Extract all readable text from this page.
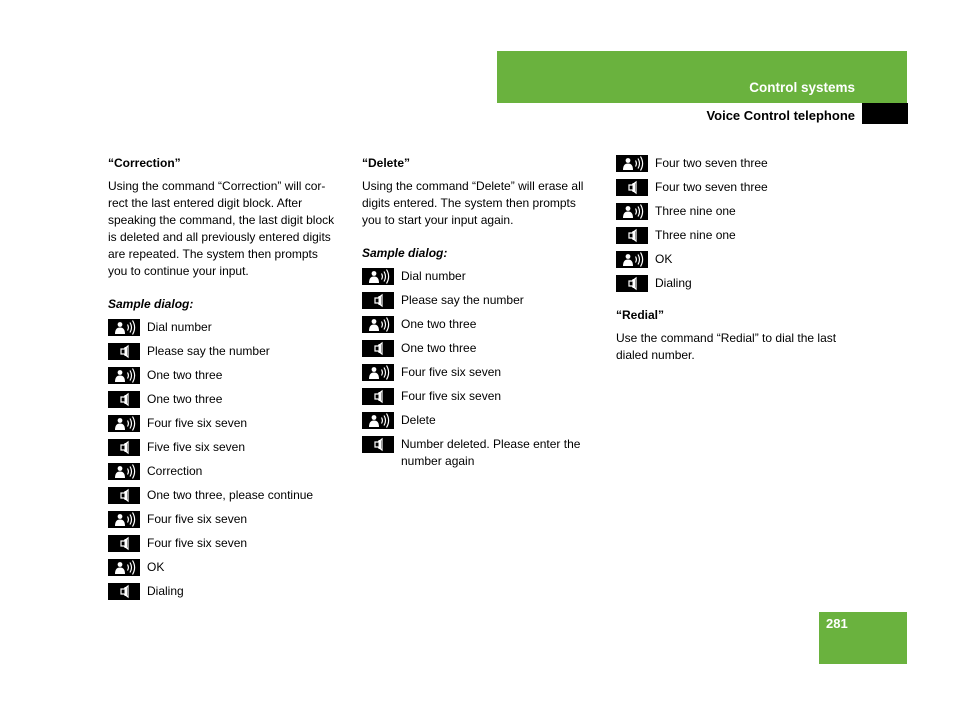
Control systems
Voice Control telephone
“Correction”
Using the command “Correction” will cor-
rect the last entered digit block. After
speaking the command, the last digit block
is deleted and all previously entered digits
are repeated. The system then prompts
you to continue your input.
Sample dialog:
Dial number
Please say the number
One two three
One two three
Four five six seven
Five five six seven
Correction
One two three, please continue
Four five six seven
Four five six seven
OK
Dialing
“Delete”
Using the command “Delete” will erase all
digits entered. The system then prompts
you to start your input again.
Sample dialog:
Dial number
Please say the number
One two three
One two three
Four five six seven
Four five six seven
Delete
Number deleted. Please enter the number again
Four two seven three
Four two seven three
Three nine one
Three nine one
OK
Dialing
“Redial”
Use the command “Redial” to dial the last
dialed number.
281
